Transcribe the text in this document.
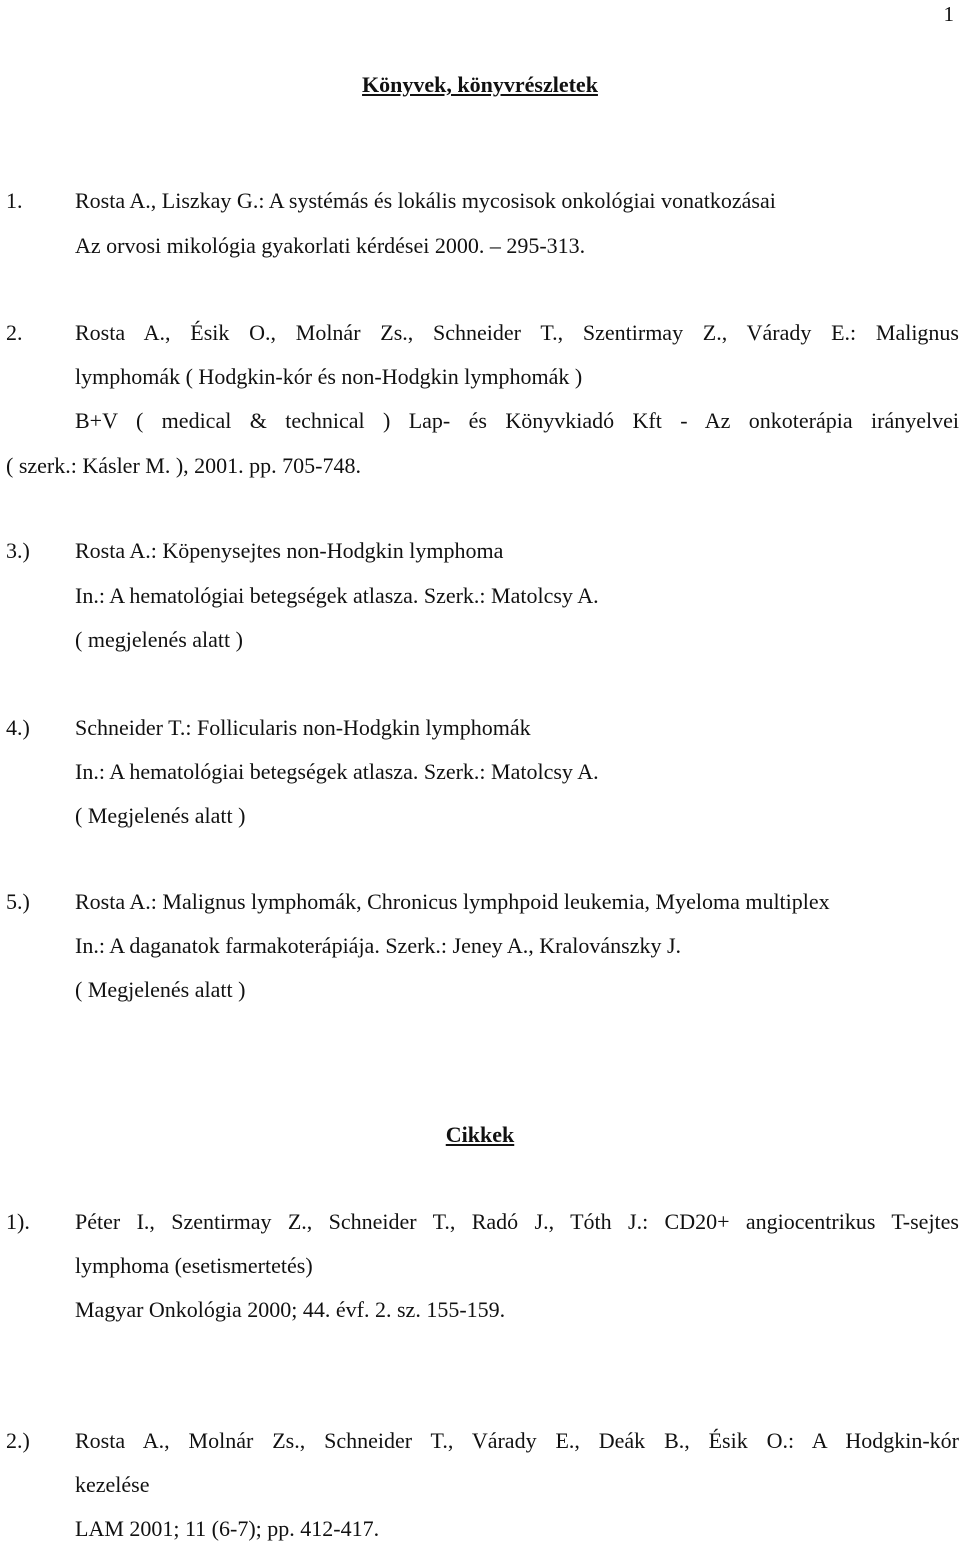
1
Könyvek, könyvrészletek
1. Rosta A., Liszkay G.: A systémás és lokális mycosisok onkológiai vonatkozásai
Az orvosi mikológia gyakorlati kérdései 2000. – 295-313.
2. Rosta A., Ésik O., Molnár Zs., Schneider T., Szentirmay Z., Várady E.: Malignus
lymphomák ( Hodgkin-kór és non-Hodgkin lymphomák )
B+V ( medical & technical ) Lap- és Könyvkiadó Kft - Az onkoterápia irányelvei
( szerk.: Kásler M. ), 2001. pp. 705-748.
3.) Rosta A.: Köpenysejtes non-Hodgkin lymphoma
In.: A hematológiai betegségek atlasza. Szerk.: Matolcsy A.
( megjelenés alatt )
4.) Schneider T.: Follicularis non-Hodgkin lymphomák
In.: A hematológiai betegségek atlasza. Szerk.: Matolcsy A.
( Megjelenés alatt )
5.) Rosta A.: Malignus lymphomák, Chronicus lymphpoid leukemia, Myeloma multiplex
In.: A daganatok farmakoterápiája. Szerk.: Jeney A., Kralovánszky J.
( Megjelenés alatt )
Cikkek
1). Péter I., Szentirmay Z., Schneider T., Radó J., Tóth J.: CD20+ angiocentrikus T-sejtes
lymphoma (esetismertetés)
Magyar Onkológia 2000; 44. évf. 2. sz. 155-159.
2.) Rosta A., Molnár Zs., Schneider T., Várady E., Deák B., Ésik O.: A Hodgkin-kór
kezelése
LAM 2001; 11 (6-7); pp. 412-417.
